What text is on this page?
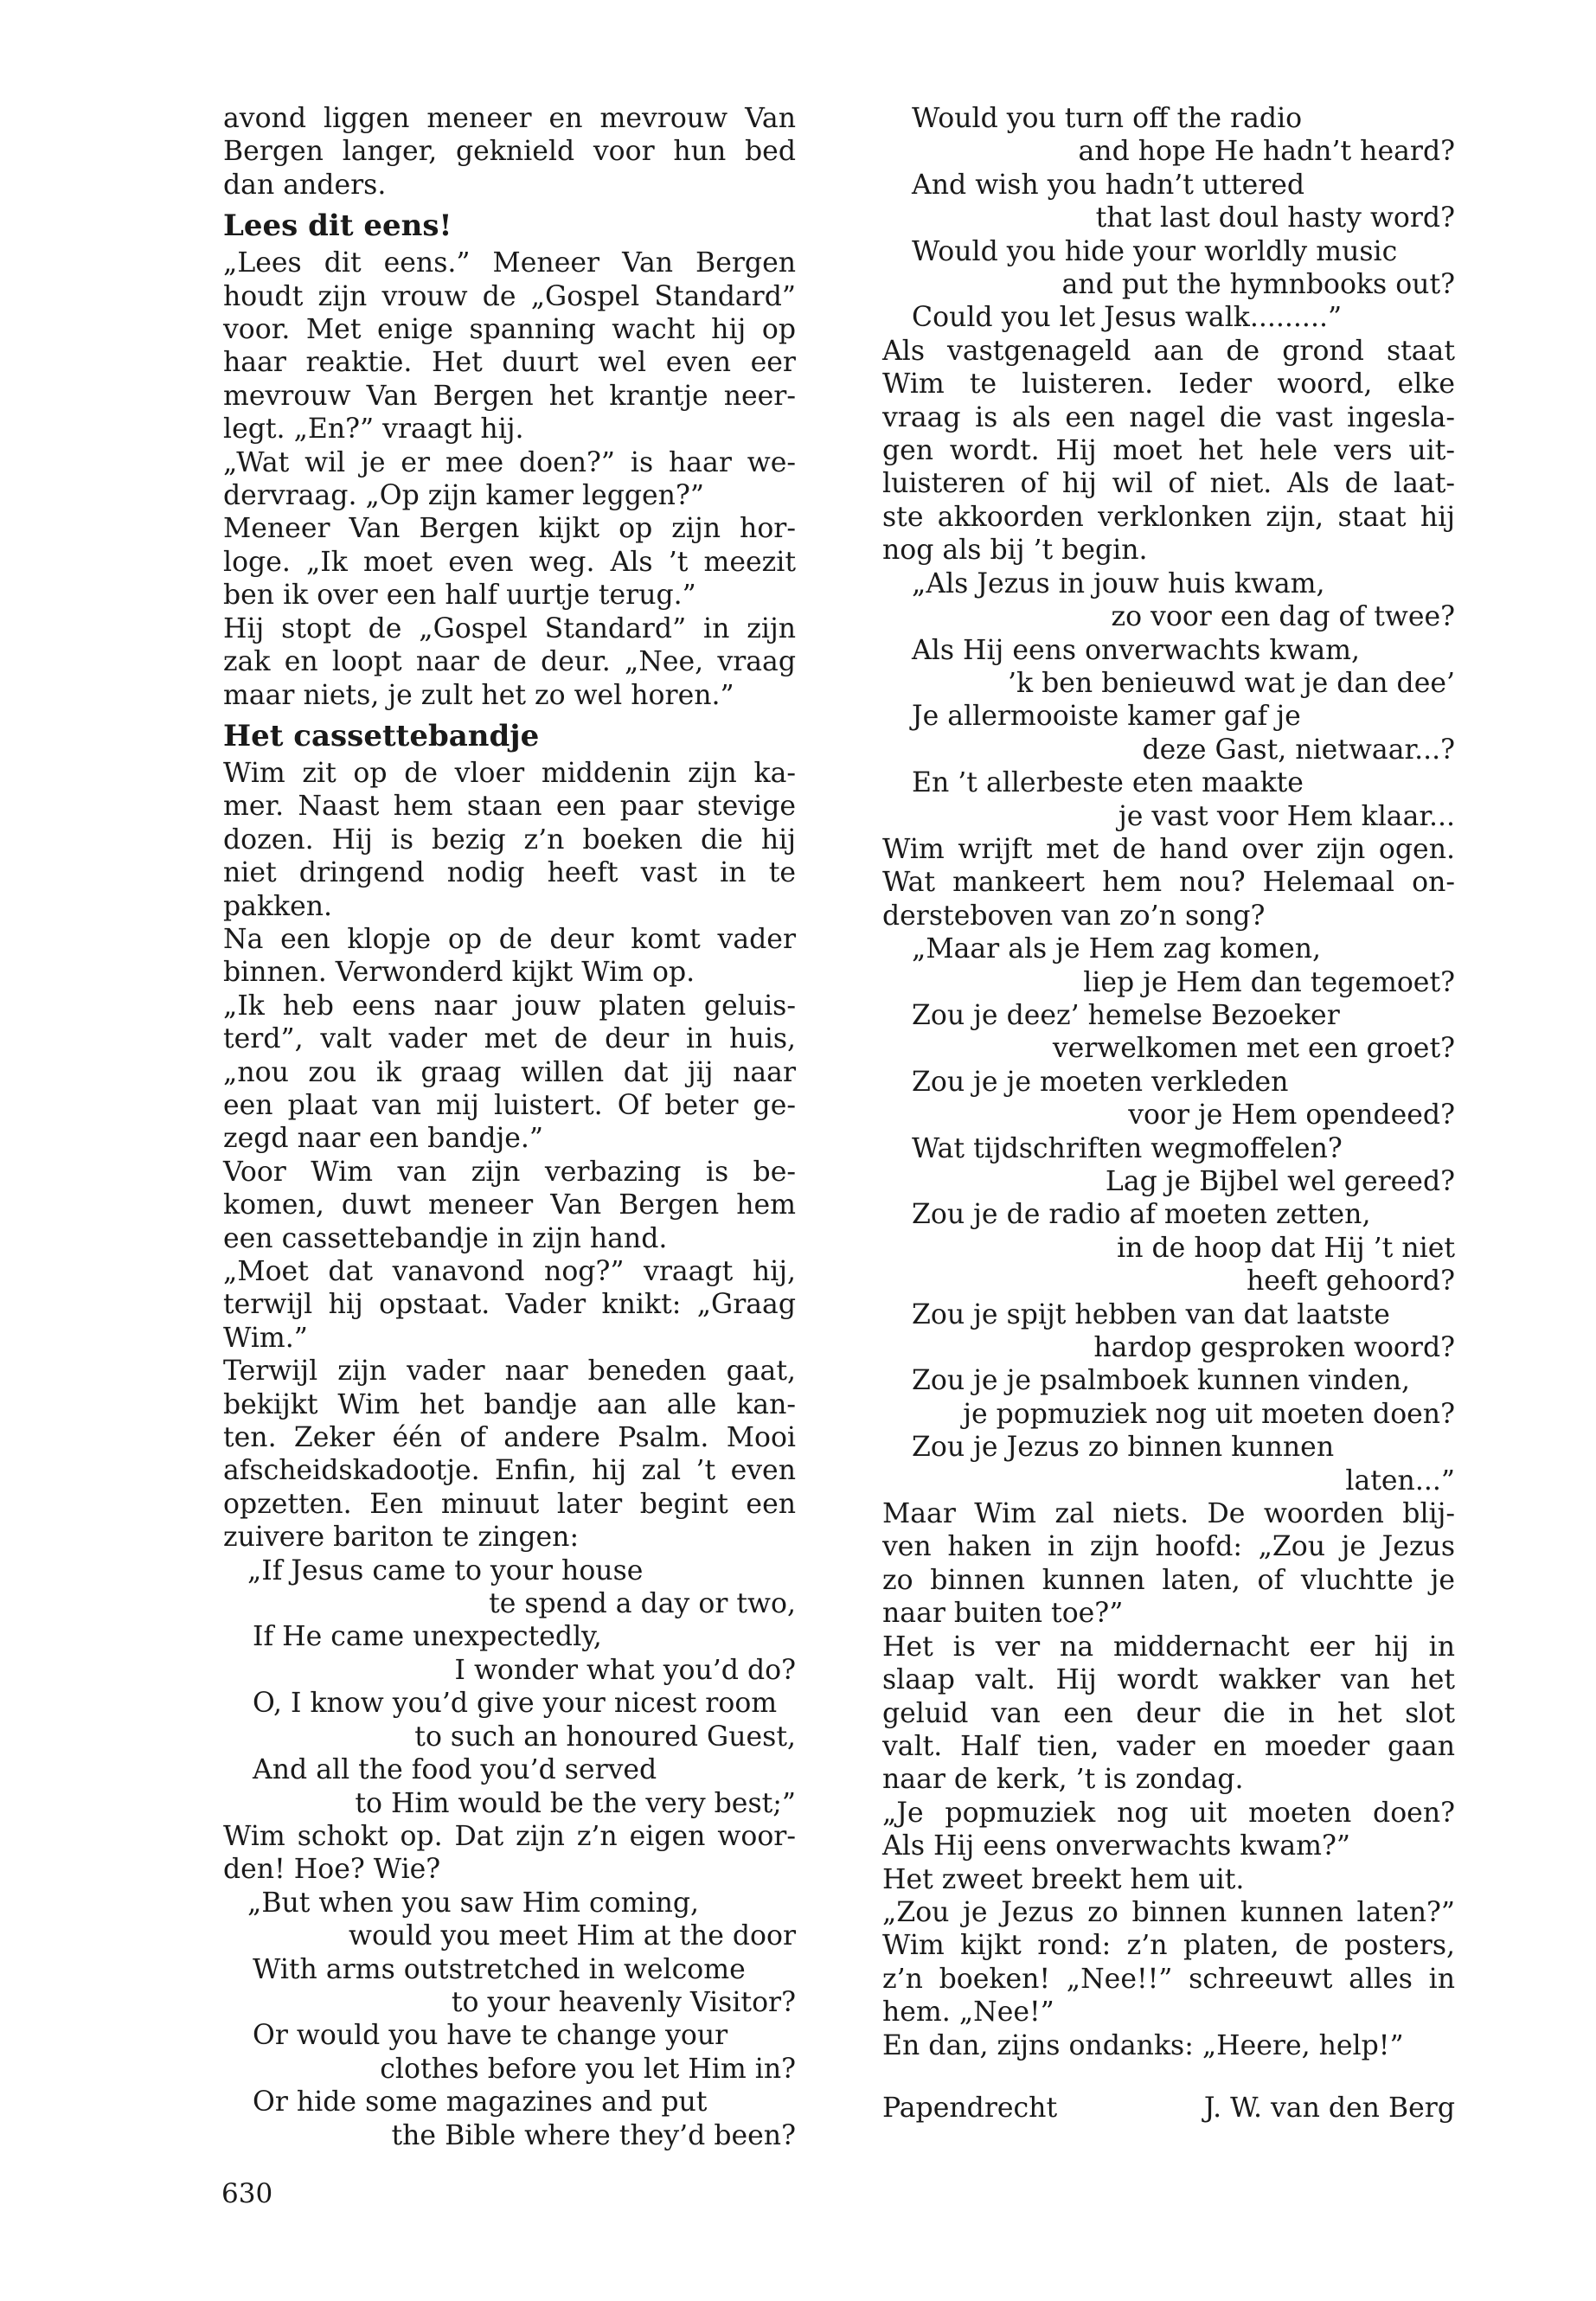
avond liggen meneer en mevrouw Van
Bergen langer, geknield voor hun bed
dan anders.
Lees dit eens!
„Lees dit eens.” Meneer Van Bergen
houdt zijn vrouw de „Gospel Standard”
voor. Met enige spanning wacht hij op
haar reaktie. Het duurt wel even eer
mevrouw Van Bergen het krantje neer-
legt. „En?” vraagt hij.
„Wat wil je er mee doen?” is haar we-
dervraag. „Op zijn kamer leggen?”
Meneer Van Bergen kijkt op zijn hor-
loge. „Ik moet even weg. Als ’t meezit
ben ik over een half uurtje terug.”
Hij stopt de „Gospel Standard” in zijn
zak en loopt naar de deur. „Nee, vraag
maar niets, je zult het zo wel horen.”
Het cassettebandje
Wim zit op de vloer middenin zijn ka-
mer. Naast hem staan een paar stevige
dozen. Hij is bezig z’n boeken die hij
niet dringend nodig heeft vast in te
pakken.
Na een klopje op de deur komt vader
binnen. Verwonderd kijkt Wim op.
„Ik heb eens naar jouw platen geluis-
terd”, valt vader met de deur in huis,
„nou zou ik graag willen dat jij naar
een plaat van mij luistert. Of beter ge-
zegd naar een bandje.”
Voor Wim van zijn verbazing is be-
komen, duwt meneer Van Bergen hem
een cassettebandje in zijn hand.
„Moet dat vanavond nog?” vraagt hij,
terwijl hij opstaat. Vader knikt: „Graag
Wim.”
Terwijl zijn vader naar beneden gaat,
bekijkt Wim het bandje aan alle kan-
ten. Zeker één of andere Psalm. Mooi
afscheidskadootje. Enfin, hij zal ’t even
opzetten. Een minuut later begint een
zuivere bariton te zingen:
„If Jesus came to your house
te spend a day or two,
If He came unexpectedly,
I wonder what you’d do?
O, I know you’d give your nicest room
to such an honoured Guest,
And all the food you’d served
to Him would be the very best;”
Wim schokt op. Dat zijn z’n eigen woor-
den! Hoe? Wie?
„But when you saw Him coming,
would you meet Him at the door
With arms outstretched in welcome
to your heavenly Visitor?
Or would you have te change your
clothes before you let Him in?
Or hide some magazines and put
the Bible where they’d been?
Would you turn off the radio
and hope He hadn’t heard?
And wish you hadn’t uttered
that last doul hasty word?
Would you hide your worldly music
and put the hymnbooks out?
Could you let Jesus walk.........”
Als vastgenageld aan de grond staat
Wim te luisteren. Ieder woord, elke
vraag is als een nagel die vast ingesla-
gen wordt. Hij moet het hele vers uit-
luisteren of hij wil of niet. Als de laat-
ste akkoorden verklonken zijn, staat hij
nog als bij ’t begin.
„Als Jezus in jouw huis kwam,
zo voor een dag of twee?
Als Hij eens onverwachts kwam,
’k ben benieuwd wat je dan dee’
Je allermooiste kamer gaf je
deze Gast, nietwaar...?
En ’t allerbeste eten maakte
je vast voor Hem klaar...
Wim wrijft met de hand over zijn ogen.
Wat mankeert hem nou? Helemaal on-
dersteboven van zo’n song?
„Maar als je Hem zag komen,
liep je Hem dan tegemoet?
Zou je deez’ hemelse Bezoeker
verwelkomen met een groet?
Zou je je moeten verkleden
voor je Hem opendeed?
Wat tijdschriften wegmoffelen?
Lag je Bijbel wel gereed?
Zou je de radio af moeten zetten,
in de hoop dat Hij ’t niet
heeft gehoord?
Zou je spijt hebben van dat laatste
hardop gesproken woord?
Zou je je psalmboek kunnen vinden,
je popmuziek nog uit moeten doen?
Zou je Jezus zo binnen kunnen
laten...”
Maar Wim zal niets. De woorden blij-
ven haken in zijn hoofd: „Zou je Jezus
zo binnen kunnen laten, of vluchtte je
naar buiten toe?”
Het is ver na middernacht eer hij in
slaap valt. Hij wordt wakker van het
geluid van een deur die in het slot
valt. Half tien, vader en moeder gaan
naar de kerk, ’t is zondag.
„Je popmuziek nog uit moeten doen?
Als Hij eens onverwachts kwam?”
Het zweet breekt hem uit.
„Zou je Jezus zo binnen kunnen laten?”
Wim kijkt rond: z’n platen, de posters,
z’n boeken! „Nee!!” schreeuwt alles in
hem. „Nee!”
En dan, zijns ondanks: „Heere, help!”
Papendrecht	J. W. van den Berg
630
